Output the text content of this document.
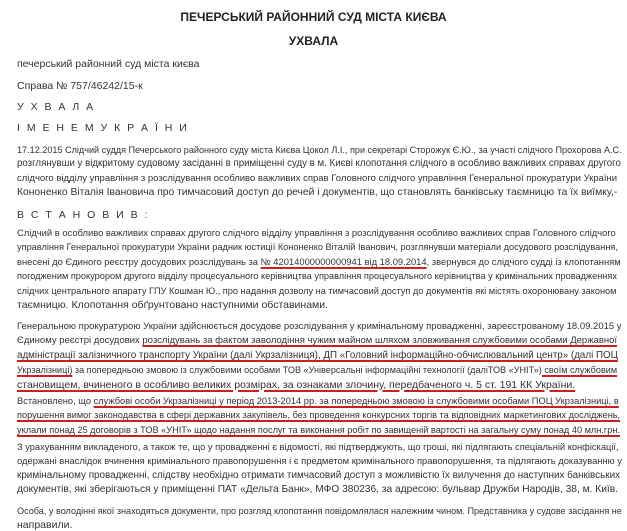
ПЕЧЕРСЬКИЙ РАЙОННИЙ СУД МІСТА КИЄВА
УХВАЛА
печерський районний суд міста києва
Справа № 757/46242/15-к
У Х В А Л А
І М Е Н Е М У К Р А Ї Н И
17.12.2015 Слідчий суддя Печерського районного суду міста Києва Цокол Л.І., при секретарі Сторожук Є.Ю., за участі слідчого Прохорова А.С.
розглянувши у відкритому судовому засіданні в приміщенні суду в м. Києві клопотання слідчого в особливо важливих справах другого
слідчого відділу управління з розслідування особливо важливих справ Головного слідчого управління Генеральної прокуратури України
Кононенко Віталія Івановича про тимчасовий доступ до речей і документів, що становлять банківську таємницю та їх виїмку,-
В С Т А Н О В И В :
Слідчий в особливо важливих справах другого слідчого відділу управління з розслідування особливо важливих справ Головного слідчого
управління Генеральної прокуратури України радник юстиції Кононенко Віталій Іванович, розглянувши матеріали досудового розслідування,
внесені до Єдиного реєстру досудових розслідувань за № 42014000000000941 від 18.09.2014, звернувся до слідчого судді із клопотанням
погодженим прокурором другого відділу процесуального керівництва управління процесуального керівництва у кримінальних провадженнях
слідчих центрального апарату ГПУ Кошман Ю., про надання дозволу на тимчасовий доступ до документів які містять охоронювану законом
таємницю. Клопотання обґрунтовано наступними обставинами.
Генеральною прокуратурою України здійснюється досудове розслідування у кримінальному провадженні, зареєстрованому 18.09.2015 у
Єдиному реєстрі досудових розслідувань за фактом заволодіння чужим майном шляхом зловживання службовими особами Державної
адміністрації залізничного транспорту України (далі Укрзалізниця), ДП «Головний інформаційно-обчислювальний центр» (далі ПОЦ
Укрзалізниці) за попередньою змовою із службовими особами ТОВ «Універсальні інформаційні технології (даліТОВ «УНІТ») своїм службовим
становищем, вчиненого в особливо великих розмірах, за ознаками злочину, передбаченого ч. 5 ст. 191 КК України.
Встановлено, що службові особи Укрзалізниці у період 2013-2014 рр. за попередньою змовою із службовими особами ПОЦ Укрзалізниці, в
порушення вимог законодавства в сфері державних закупівель, без проведення конкурсних торгів та відповідних маркетингових досліджень,
уклали понад 25 договорів з ТОВ «УНІТ» щодо надання послуг та виконання робіт по завищеній вартості на загальну суму понад 40 млн.грн.
З урахуванням викладеного, а також те, що у провадженні є відомості, які підтверджують, що гроші, які підлягають спеціальній конфіскації,
одержані внаслідок вчинення кримінального правопорушення і є предметом кримінального правопорушення, та підлягають доказуванню у
кримінальному провадженні, слідству необхідно отримати тимчасовий доступ з можливістю їх вилучення до наступних банківських
документів, які зберігаються у приміщенні ПАТ «Дельта Банк», МФО 380236, за адресою: бульвар Дружби Народів, 38, м. Київ.
Особа, у володінні якої знаходяться документи, про розгляд клопотання повідомлялася належним чином. Представника у судове засідання не
направили.
